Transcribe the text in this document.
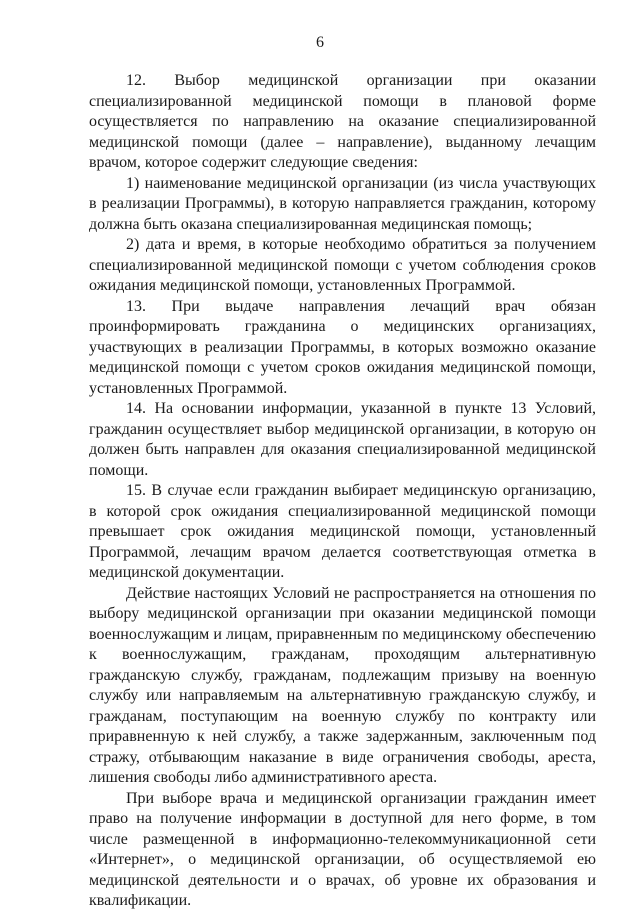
6

12. Выбор медицинской организации при оказании специализированной медицинской помощи в плановой форме осуществляется по направлению на оказание специализированной медицинской помощи (далее – направление), выданному лечащим врачом, которое содержит следующие сведения:

1) наименование медицинской организации (из числа участвующих в реализации Программы), в которую направляется гражданин, которому должна быть оказана специализированная медицинская помощь;

2) дата и время, в которые необходимо обратиться за получением специализированной медицинской помощи с учетом соблюдения сроков ожидания медицинской помощи, установленных Программой.

13. При выдаче направления лечащий врач обязан проинформировать гражданина о медицинских организациях, участвующих в реализации Программы, в которых возможно оказание медицинской помощи с учетом сроков ожидания медицинской помощи, установленных Программой.

14. На основании информации, указанной в пункте 13 Условий, гражданин осуществляет выбор медицинской организации, в которую он должен быть направлен для оказания специализированной медицинской помощи.

15. В случае если гражданин выбирает медицинскую организацию, в которой срок ожидания специализированной медицинской помощи превышает срок ожидания медицинской помощи, установленный Программой, лечащим врачом делается соответствующая отметка в медицинской документации.

Действие настоящих Условий не распространяется на отношения по выбору медицинской организации при оказании медицинской помощи военнослужащим и лицам, приравненным по медицинскому обеспечению к военнослужащим, гражданам, проходящим альтернативную гражданскую службу, гражданам, подлежащим призыву на военную службу или направляемым на альтернативную гражданскую службу, и гражданам, поступающим на военную службу по контракту или приравненную к ней службу, а также задержанным, заключенным под стражу, отбывающим наказание в виде ограничения свободы, ареста, лишения свободы либо административного ареста.

При выборе врача и медицинской организации гражданин имеет право на получение информации в доступной для него форме, в том числе размещенной в информационно-телекоммуникационной сети «Интернет», о медицинской организации, об осуществляемой ею медицинской деятельности и о врачах, об уровне их образования и квалификации.
